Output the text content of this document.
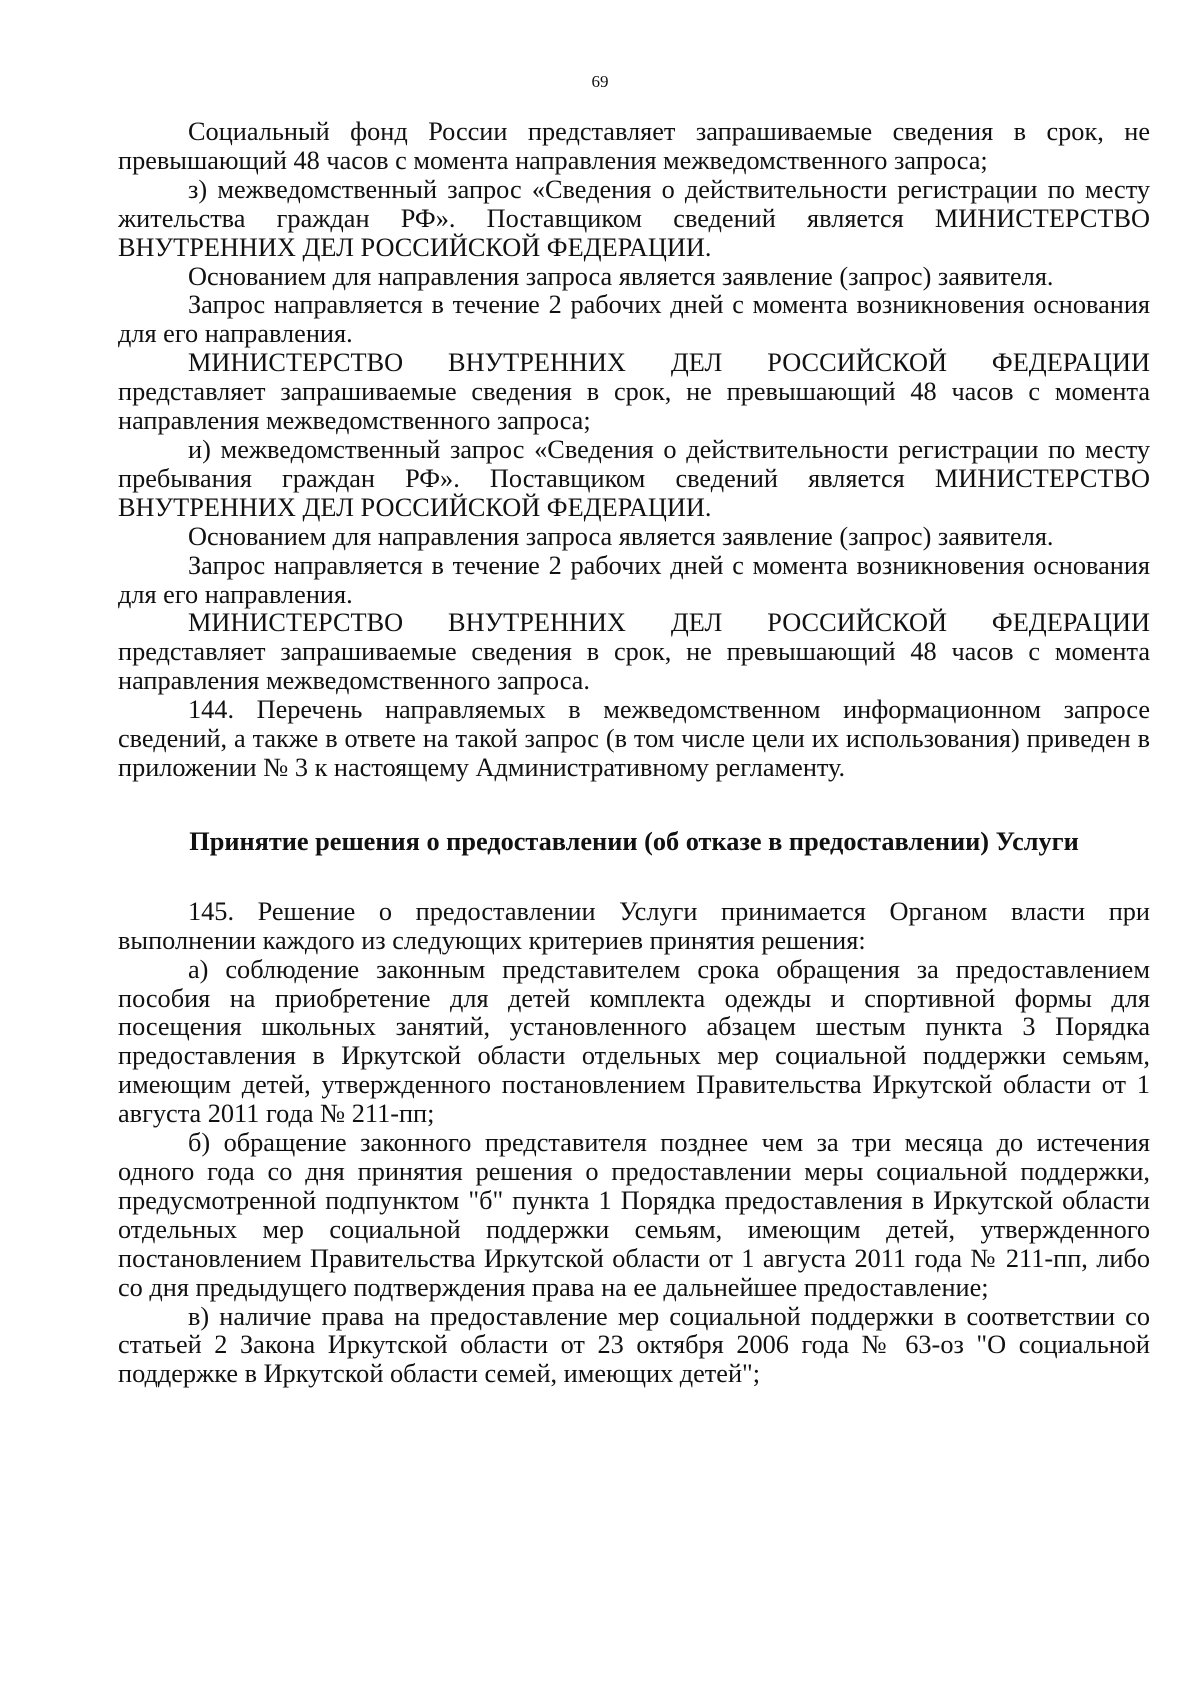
69

Социальный фонд России представляет запрашиваемые сведения в срок, не превышающий 48 часов с момента направления межведомственного запроса;

з) межведомственный запрос «Сведения о действительности регистрации по месту жительства граждан РФ». Поставщиком сведений является МИНИСТЕРСТВО ВНУТРЕННИХ ДЕЛ РОССИЙСКОЙ ФЕДЕРАЦИИ.

Основанием для направления запроса является заявление (запрос) заявителя.

Запрос направляется в течение 2 рабочих дней с момента возникновения основания для его направления.

МИНИСТЕРСТВО ВНУТРЕННИХ ДЕЛ РОССИЙСКОЙ ФЕДЕРАЦИИ представляет запрашиваемые сведения в срок, не превышающий 48 часов с момента направления межведомственного запроса;

и) межведомственный запрос «Сведения о действительности регистрации по месту пребывания граждан РФ». Поставщиком сведений является МИНИСТЕРСТВО ВНУТРЕННИХ ДЕЛ РОССИЙСКОЙ ФЕДЕРАЦИИ.

Основанием для направления запроса является заявление (запрос) заявителя.

Запрос направляется в течение 2 рабочих дней с момента возникновения основания для его направления.

МИНИСТЕРСТВО ВНУТРЕННИХ ДЕЛ РОССИЙСКОЙ ФЕДЕРАЦИИ представляет запрашиваемые сведения в срок, не превышающий 48 часов с момента направления межведомственного запроса.

144. Перечень направляемых в межведомственном информационном запросе сведений, а также в ответе на такой запрос (в том числе цели их использования) приведен в приложении № 3 к настоящему Административному регламенту.

Принятие решения о предоставлении (об отказе в предоставлении) Услуги

145. Решение о предоставлении Услуги принимается Органом власти при выполнении каждого из следующих критериев принятия решения:

а) соблюдение законным представителем срока обращения за предоставлением пособия на приобретение для детей комплекта одежды и спортивной формы для посещения школьных занятий, установленного абзацем шестым пункта 3 Порядка предоставления в Иркутской области отдельных мер социальной поддержки семьям, имеющим детей, утвержденного постановлением Правительства Иркутской области от 1 августа 2011 года № 211-пп;

б) обращение законного представителя позднее чем за три месяца до истечения одного года со дня принятия решения о предоставлении меры социальной поддержки, предусмотренной подпунктом "б" пункта 1 Порядка предоставления в Иркутской области отдельных мер социальной поддержки семьям, имеющим детей, утвержденного постановлением Правительства Иркутской области от 1 августа 2011 года № 211-пп, либо со дня предыдущего подтверждения права на ее дальнейшее предоставление;

в) наличие права на предоставление мер социальной поддержки в соответствии со статьей 2 Закона Иркутской области от 23 октября 2006 года № 63-оз "О социальной поддержке в Иркутской области семей, имеющих детей";
